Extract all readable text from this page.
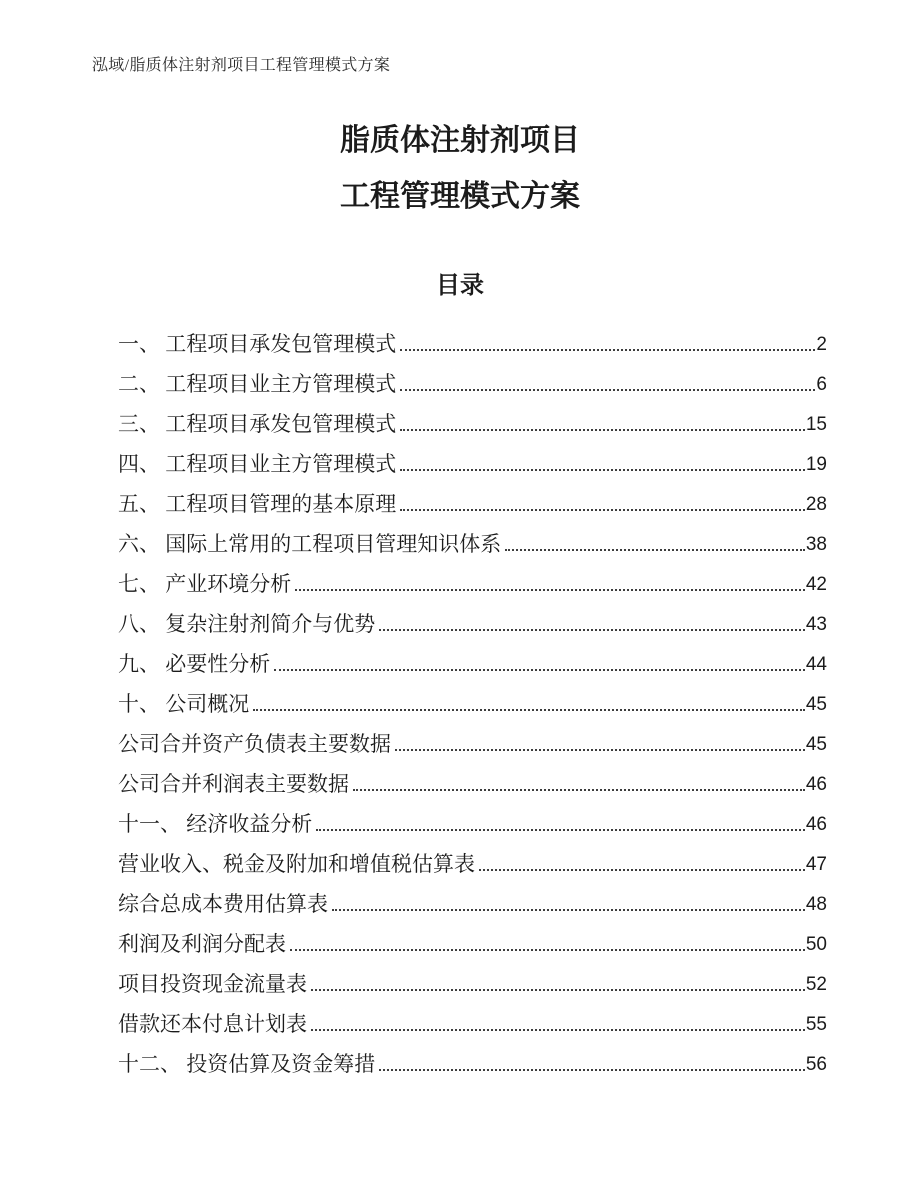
泓域/脂质体注射剂项目工程管理模式方案
脂质体注射剂项目
工程管理模式方案
目录
一、 工程项目承发包管理模式	2
二、 工程项目业主方管理模式	6
三、 工程项目承发包管理模式	15
四、 工程项目业主方管理模式	19
五、 工程项目管理的基本原理	28
六、 国际上常用的工程项目管理知识体系	38
七、 产业环境分析	42
八、 复杂注射剂简介与优势	43
九、 必要性分析	44
十、 公司概况	45
公司合并资产负债表主要数据	45
公司合并利润表主要数据	46
十一、 经济收益分析	46
营业收入、税金及附加和增值税估算表	47
综合总成本费用估算表	48
利润及利润分配表	50
项目投资现金流量表	52
借款还本付息计划表	55
十二、 投资估算及资金筹措	56
